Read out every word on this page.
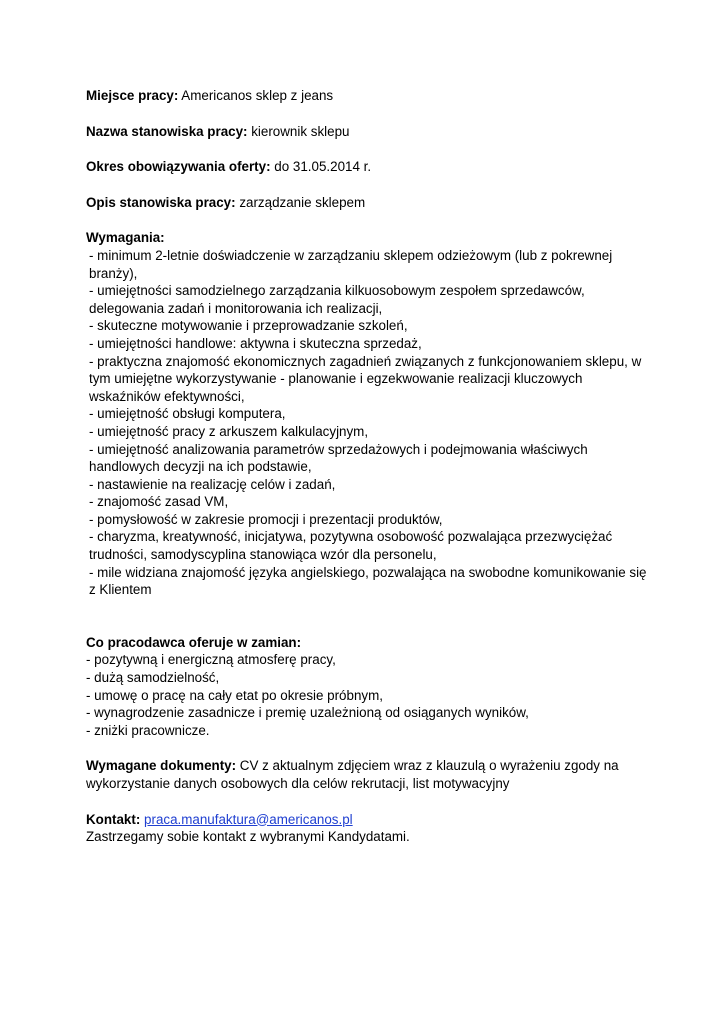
Miejsce pracy: Americanos sklep z jeans

Nazwa stanowiska pracy: kierownik sklepu

Okres obowiązywania oferty: do 31.05.2014 r.

Opis stanowiska pracy: zarządzanie sklepem

Wymagania:

- minimum 2-letnie doświadczenie w zarządzaniu sklepem odzieżowym (lub z pokrewnej branży),
- umiejętności samodzielnego zarządzania kilkuosobowym zespołem sprzedawców, delegowania zadań i monitorowania ich realizacji,
- skuteczne motywowanie i przeprowadzanie szkoleń,
- umiejętności handlowe: aktywna i skuteczna sprzedaż,
- praktyczna znajomość ekonomicznych zagadnień związanych z funkcjonowaniem sklepu, w tym umiejętne wykorzystywanie - planowanie i egzekwowanie realizacji kluczowych wskaźników efektywności,
- umiejętność obsługi komputera,
- umiejętność pracy z arkuszem kalkulacyjnym,
- umiejętność analizowania parametrów sprzedażowych i podejmowania właściwych handlowych decyzji na ich podstawie,
- nastawienie na realizację celów i zadań,
- znajomość zasad VM,
- pomysłowość w zakresie promocji i prezentacji produktów,
- charyzma, kreatywność, inicjatywa, pozytywna osobowość pozwalająca przezwyciężać trudności, samodyscyplina stanowiąca wzór dla personelu,
- mile widziana znajomość języka angielskiego, pozwalająca na swobodne komunikowanie się z Klientem

Co pracodawca oferuje w zamian:

- pozytywną i energiczną atmosferę pracy,
- dużą samodzielność,
- umowę o pracę na cały etat po okresie próbnym,
- wynagrodzenie zasadnicze i premię uzależnioną od osiąganych wyników,
- zniżki pracownicze.

Wymagane dokumenty: CV z aktualnym zdjęciem wraz z klauzulą o wyrażeniu zgody na wykorzystanie danych osobowych dla celów rekrutacji, list motywacyjny

Kontakt: praca.manufaktura@americanos.pl

Zastrzegamy sobie kontakt z wybranymi Kandydatami.
